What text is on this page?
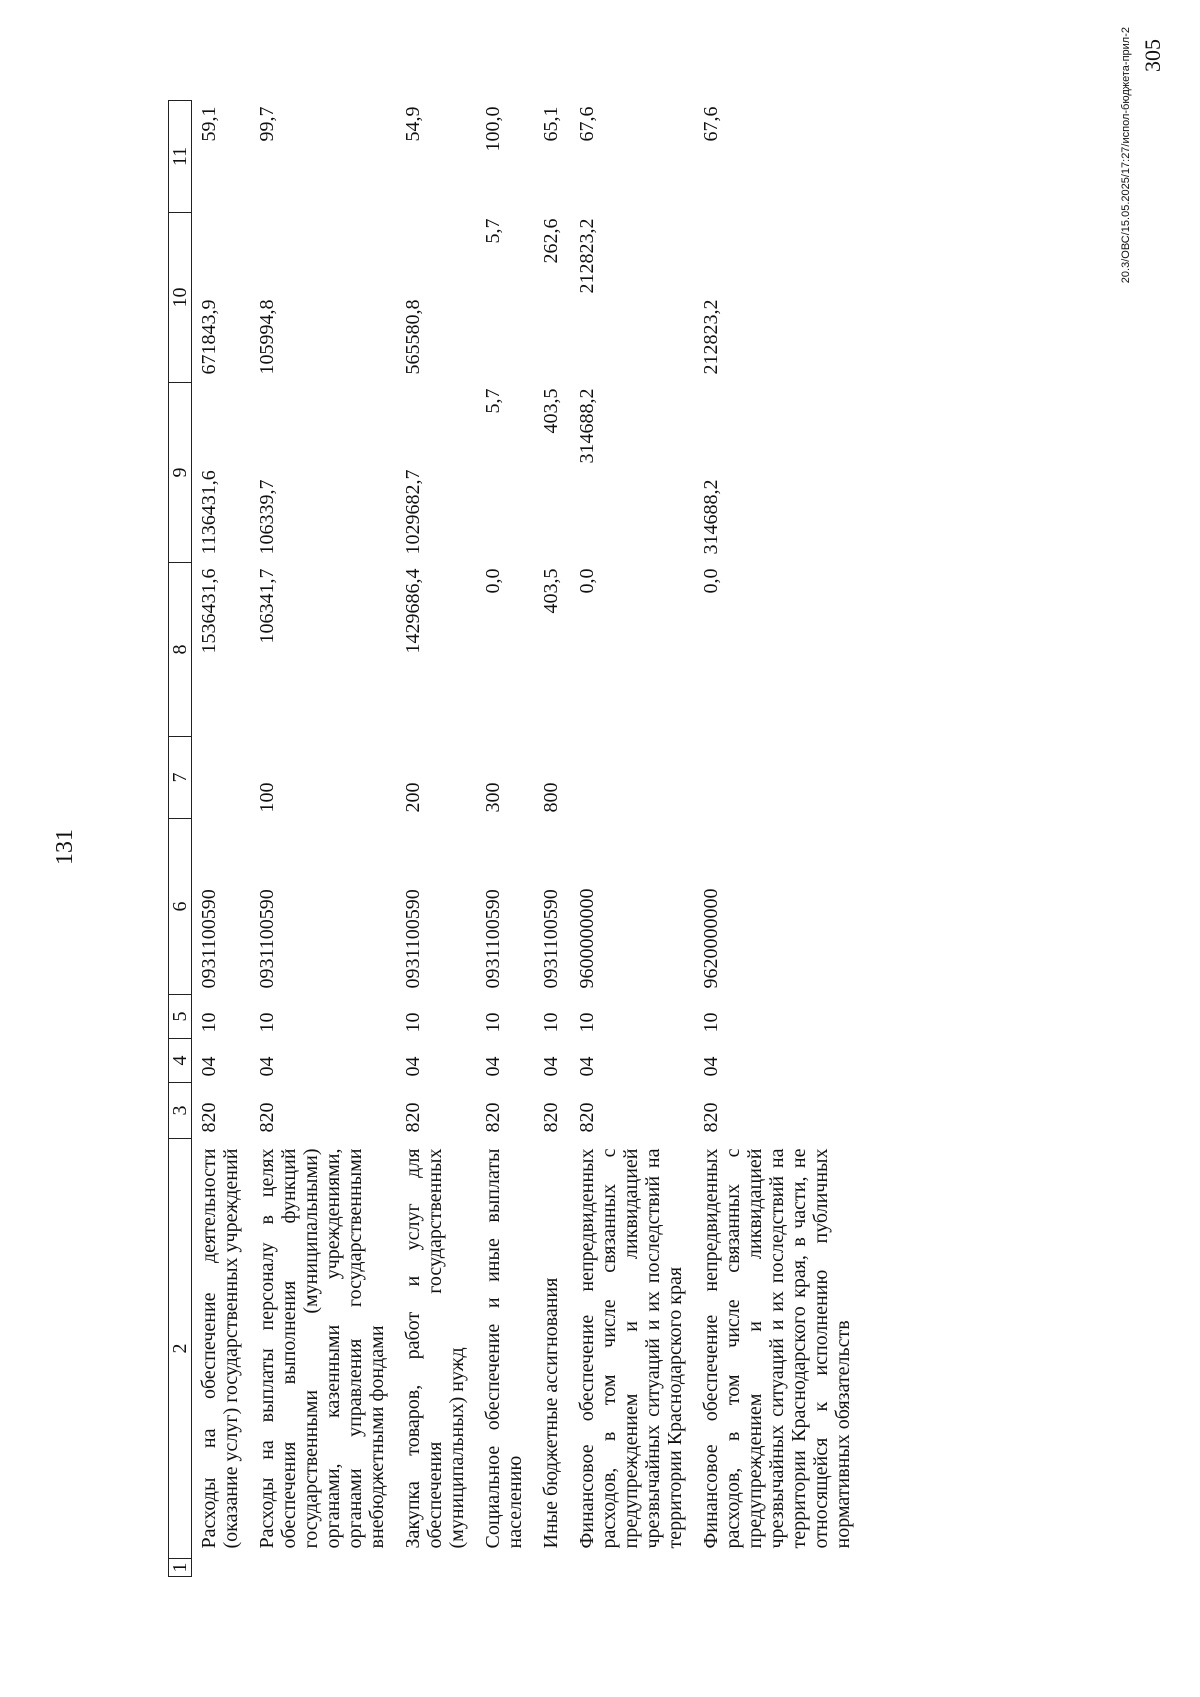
131
1	2	3	4	5	6	7	8	9	10	11
	Расходы на обеспечение деятельности (оказание услуг) государственных учреждений	820	04	10	0931100590		1536431,6	1136431,6	671843,9	59,1
	Расходы на выплаты персоналу в целях обеспечения выполнения функций государственными (муниципальными) органами, казенными учреждениями, органами управления государственными внебюджетными фондами	820	04	10	0931100590	100	106341,7	106339,7	105994,8	99,7
	Закупка товаров, работ и услуг для обеспечения государственных (муниципальных) нужд	820	04	10	0931100590	200	1429686,4	1029682,7	565580,8	54,9
	Социальное обеспечение и иные выплаты населению	820	04	10	0931100590	300	0,0	5,7	5,7	100,0
	Иные бюджетные ассигнования	820	04	10	0931100590	800	403,5	403,5	262,6	65,1
	Финансовое обеспечение непредвиденных расходов, в том числе связанных с предупреждением и ликвидацией чрезвычайных ситуаций и их последствий на территории Краснодарского края	820	04	10	9600000000		0,0	314688,2	212823,2	67,6
	Финансовое обеспечение непредвиденных расходов, в том числе связанных с предупреждением и ликвидацией чрезвычайных ситуаций и их последствий на территории Краснодарского края, в части, не относящейся к исполнению публичных нормативных обязательств	820	04	10	9620000000		0,0	314688,2	212823,2	67,6	20.3/ОВС/15.05.2025/17:27/испол-бюджета-прил-2 305
